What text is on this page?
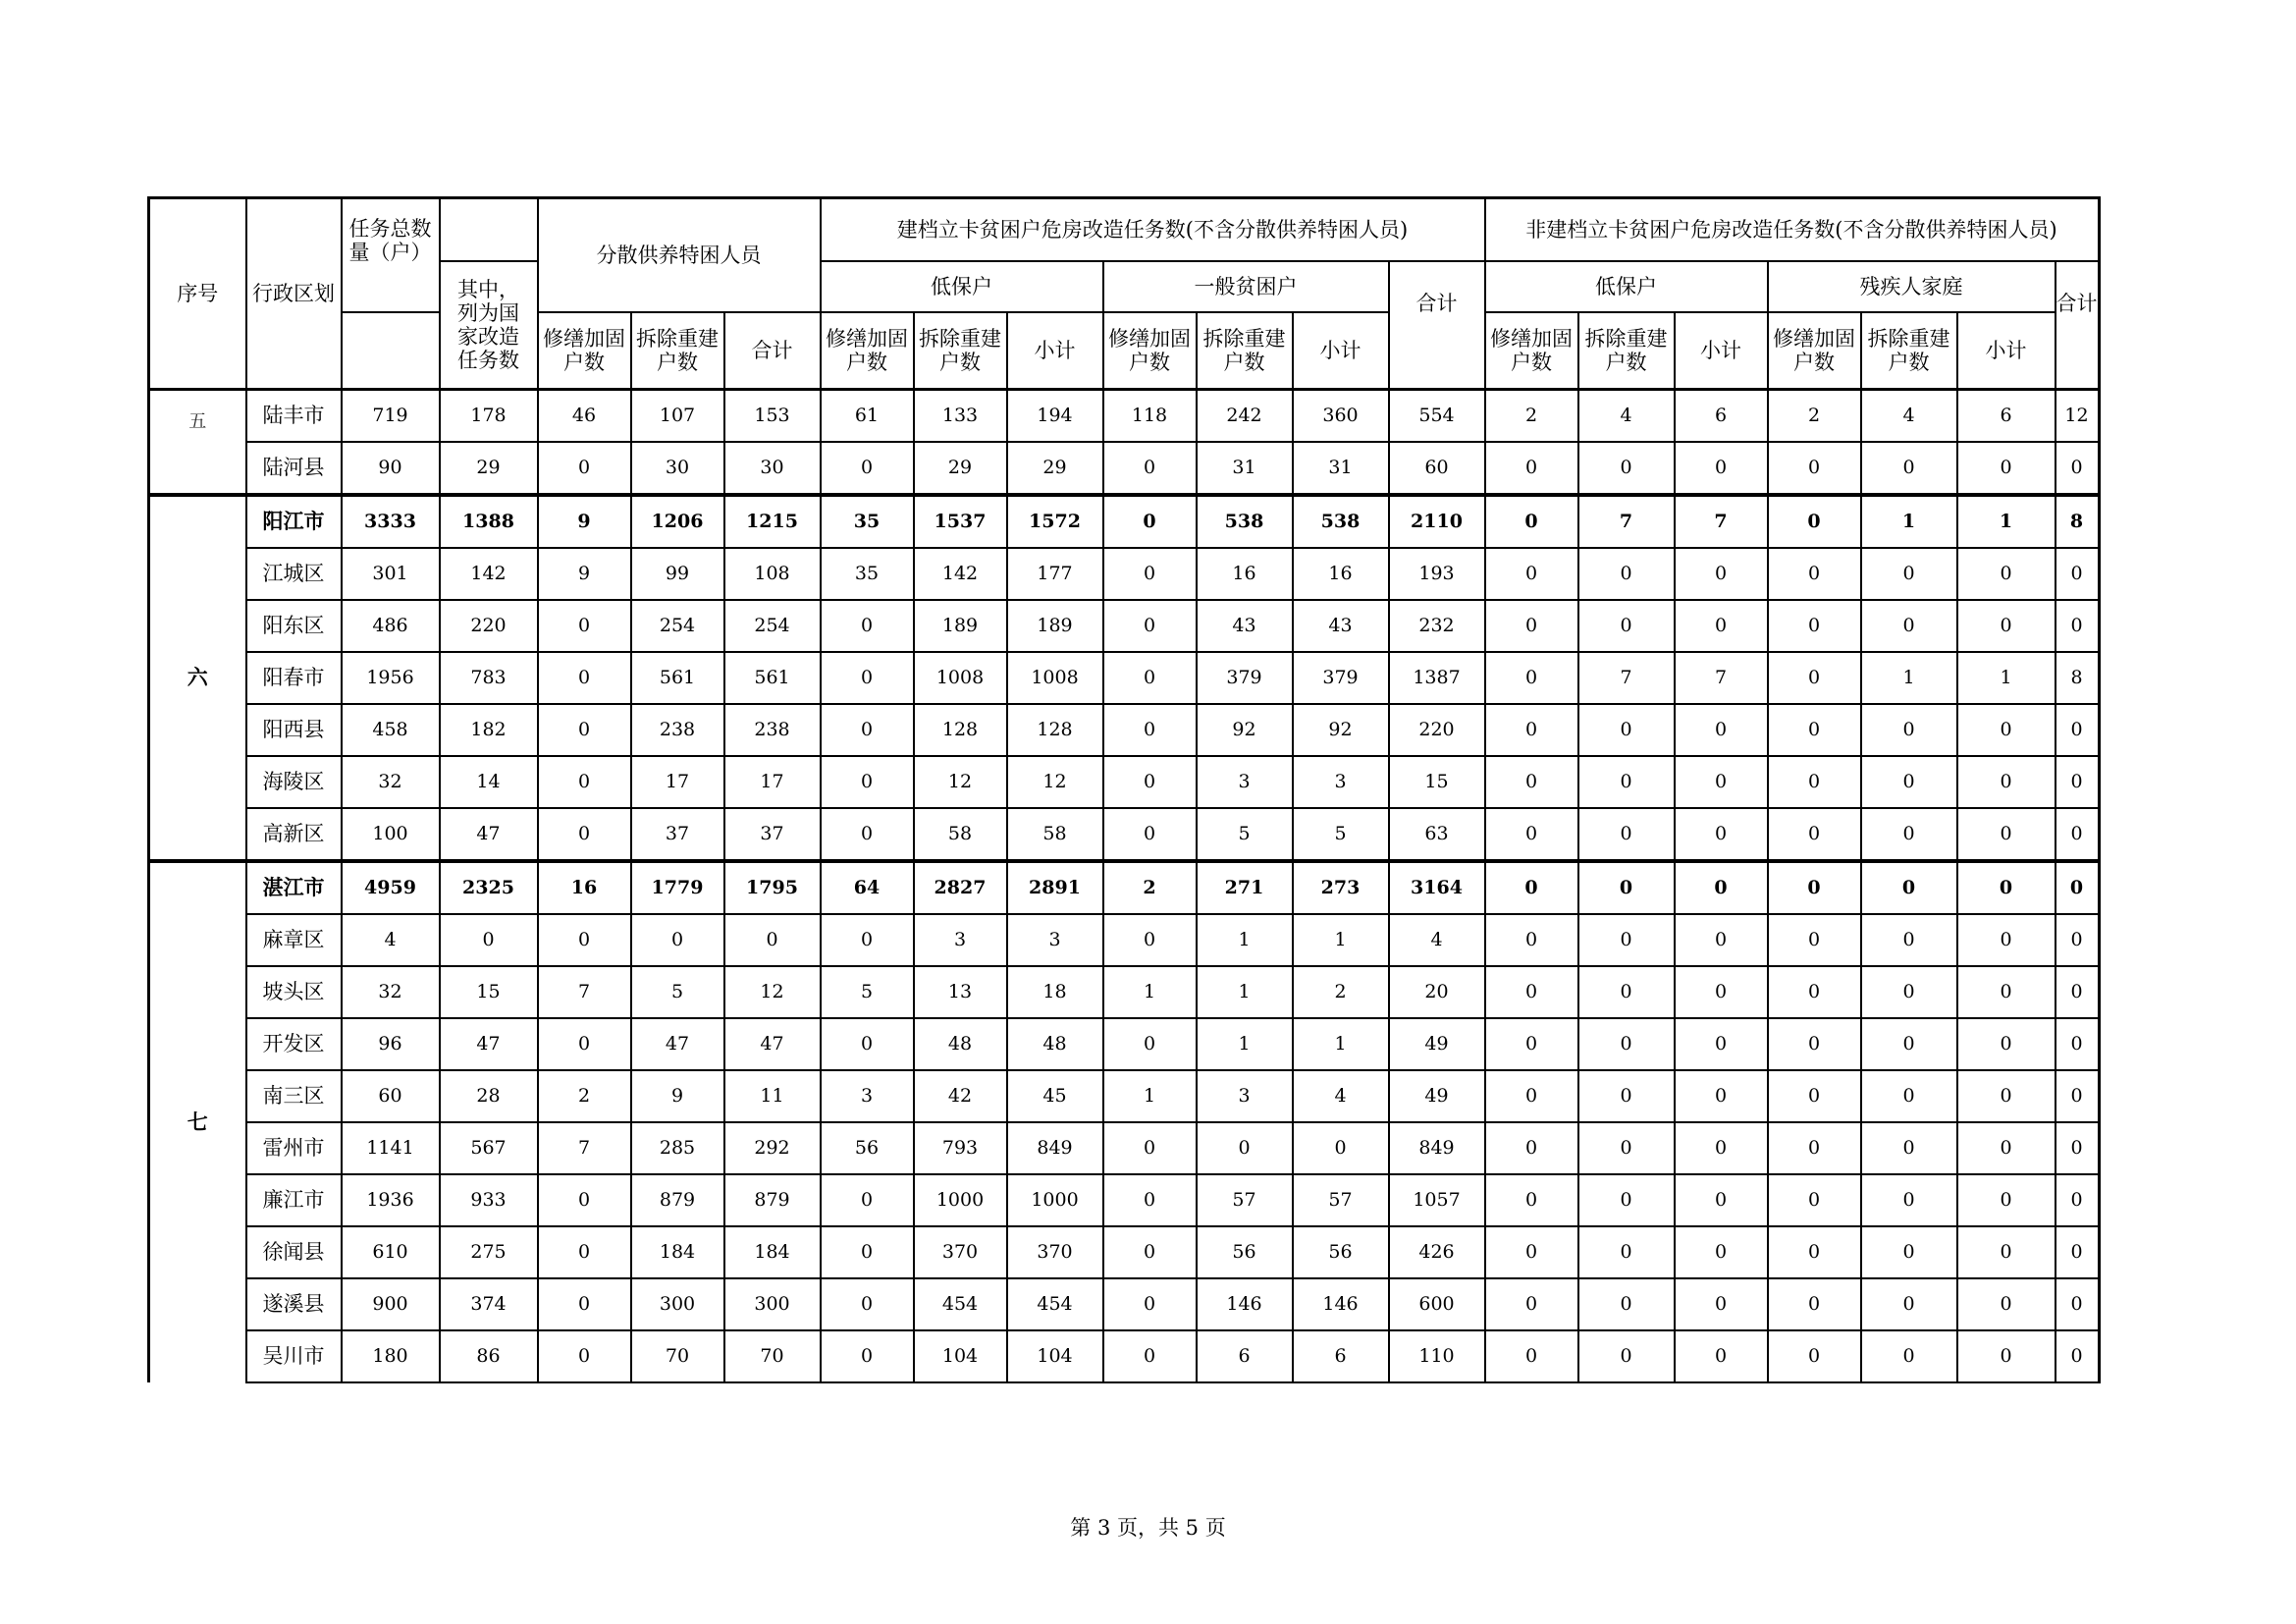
序号	行政区划	任务总数量（户）		分散供养特困人员			建档立卡贫困户危房改造任务数(不含分散供养特困人员)							非建档立卡贫困户危房改造任务数(不含分散供养特困人员)						
			其中，列为国家改造任务数				低保户			一般贫困户			合计	低保户			残疾人家庭			合计
				修缮加固户数	拆除重建户数	合计	修缮加固户数	拆除重建户数	小计	修缮加固户数	拆除重建户数	小计		修缮加固户数	拆除重建户数	小计	修缮加固户数	拆除重建户数	小计	
五	陆丰市	719	178	46	107	153	61	133	194	118	242	360	554	2	4	6	2	4	6	12
	陆河县	90	29	0	30	30	0	29	29	0	31	31	60	0	0	0	0	0	0	0
六	阳江市	3333	1388	9	1206	1215	35	1537	1572	0	538	538	2110	0	7	7	0	1	1	8
	江城区	301	142	9	99	108	35	142	177	0	16	16	193	0	0	0	0	0	0	0
	阳东区	486	220	0	254	254	0	189	189	0	43	43	232	0	0	0	0	0	0	0
	阳春市	1956	783	0	561	561	0	1008	1008	0	379	379	1387	0	7	7	0	1	1	8
	阳西县	458	182	0	238	238	0	128	128	0	92	92	220	0	0	0	0	0	0	0
	海陵区	32	14	0	17	17	0	12	12	0	3	3	15	0	0	0	0	0	0	0
	高新区	100	47	0	37	37	0	58	58	0	5	5	63	0	0	0	0	0	0	0
七	湛江市	4959	2325	16	1779	1795	64	2827	2891	2	271	273	3164	0	0	0	0	0	0	0
	麻章区	4	0	0	0	0	0	3	3	0	1	1	4	0	0	0	0	0	0	0
	坡头区	32	15	7	5	12	5	13	18	1	1	2	20	0	0	0	0	0	0	0
	开发区	96	47	0	47	47	0	48	48	0	1	1	49	0	0	0	0	0	0	0
	南三区	60	28	2	9	11	3	42	45	1	3	4	49	0	0	0	0	0	0	0
	雷州市	1141	567	7	285	292	56	793	849	0	0	0	849	0	0	0	0	0	0	0
	廉江市	1936	933	0	879	879	0	1000	1000	0	57	57	1057	0	0	0	0	0	0	0
	徐闻县	610	275	0	184	184	0	370	370	0	56	56	426	0	0	0	0	0	0	0
	遂溪县	900	374	0	300	300	0	454	454	0	146	146	600	0	0	0	0	0	0	0
	吴川市	180	86	0	70	70	0	104	104	0	6	6	110	0	0	0	0	0	0	0
第 3 页，共 5 页
